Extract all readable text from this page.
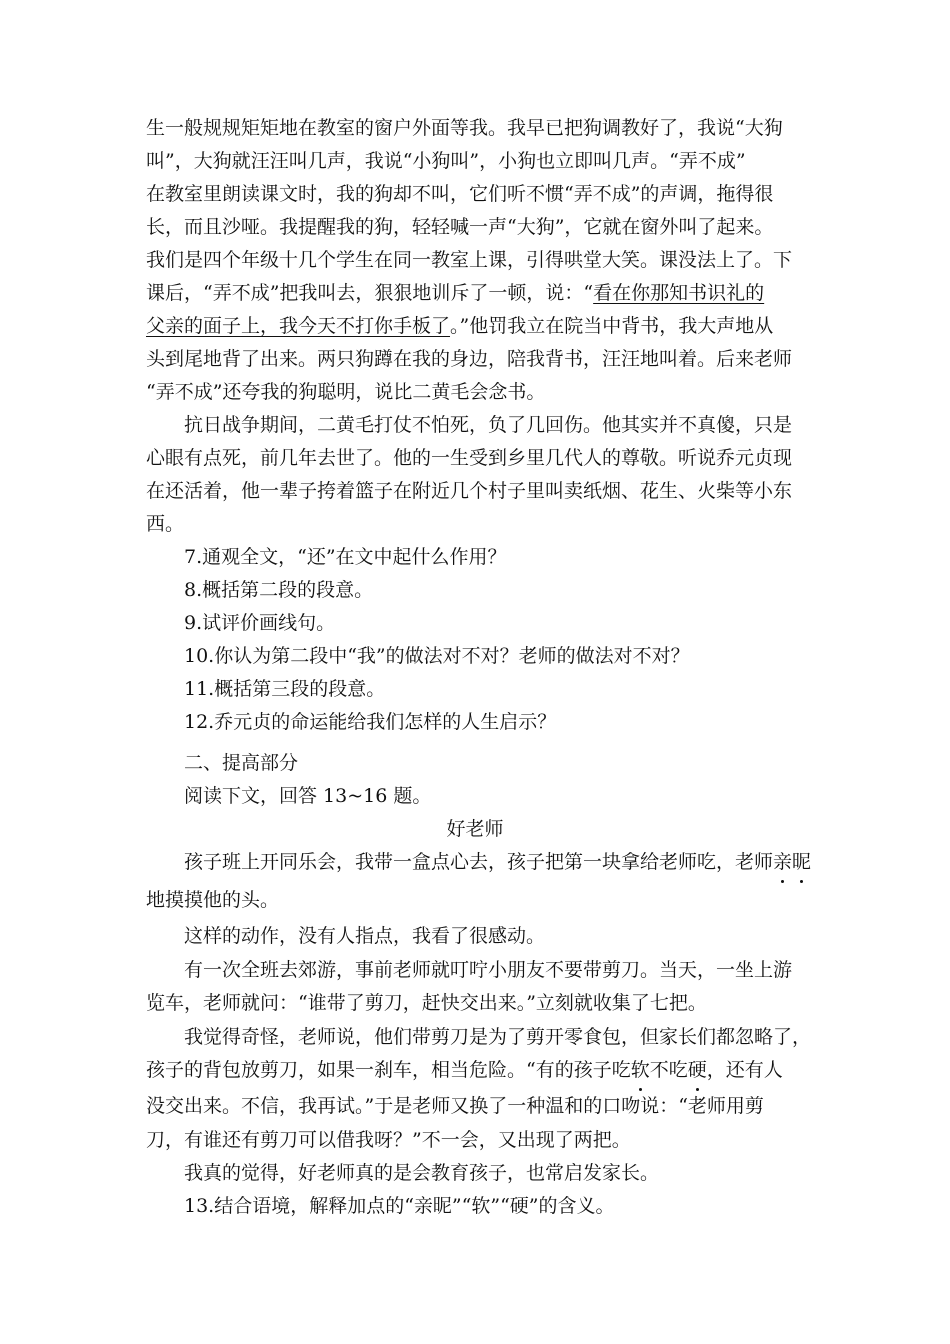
生一般规规矩矩地在教室的窗户外面等我。我早已把狗调教好了，我说“大狗
叫”，大狗就汪汪叫几声，我说“小狗叫”，小狗也立即叫几声。“弄不成”
在教室里朗读课文时，我的狗却不叫，它们听不惯“弄不成”的声调，拖得很
长，而且沙哑。我提醒我的狗，轻轻喊一声“大狗”，它就在窗外叫了起来。
我们是四个年级十几个学生在同一教室上课，引得哄堂大笑。课没法上了。下
课后，“弄不成”把我叫去，狠狠地训斥了一顿，说：“看在你那知书识礼的
父亲的面子上，我今天不打你手板了。”他罚我立在院当中背书，我大声地从
头到尾地背了出来。两只狗蹲在我的身边，陪我背书，汪汪地叫着。后来老师
“弄不成”还夸我的狗聪明，说比二黄毛会念书。
抗日战争期间，二黄毛打仗不怕死，负了几回伤。他其实并不真傻，只是
心眼有点死，前几年去世了。他的一生受到乡里几代人的尊敬。听说乔元贞现
在还活着，他一辈子挎着篮子在附近几个村子里叫卖纸烟、花生、火柴等小东
西。
7.通观全文，“还”在文中起什么作用？
8.概括第二段的段意。
9.试评价画线句。
10.你认为第二段中“我”的做法对不对？老师的做法对不对？
11.概括第三段的段意。
12.乔元贞的命运能给我们怎样的人生启示？
二、提高部分
阅读下文，回答 13~16 题。
好老师
孩子班上开同乐会，我带一盒点心去，孩子把第一块拿给老师吃，老师亲昵
地摸摸他的头。
这样的动作，没有人指点，我看了很感动。
有一次全班去郊游，事前老师就叮咛小朋友不要带剪刀。当天，一坐上游
览车，老师就问：“谁带了剪刀，赶快交出来。”立刻就收集了七把。
我觉得奇怪，老师说，他们带剪刀是为了剪开零食包，但家长们都忽略了，
孩子的背包放剪刀，如果一刹车，相当危险。“有的孩子吃软不吃硬，还有人
没交出来。不信，我再试。”于是老师又换了一种温和的口吻说：“老师用剪
刀，有谁还有剪刀可以借我呀？”不一会，又出现了两把。
我真的觉得，好老师真的是会教育孩子，也常启发家长。
13.结合语境，解释加点的“亲昵”“软”“硬”的含义。
